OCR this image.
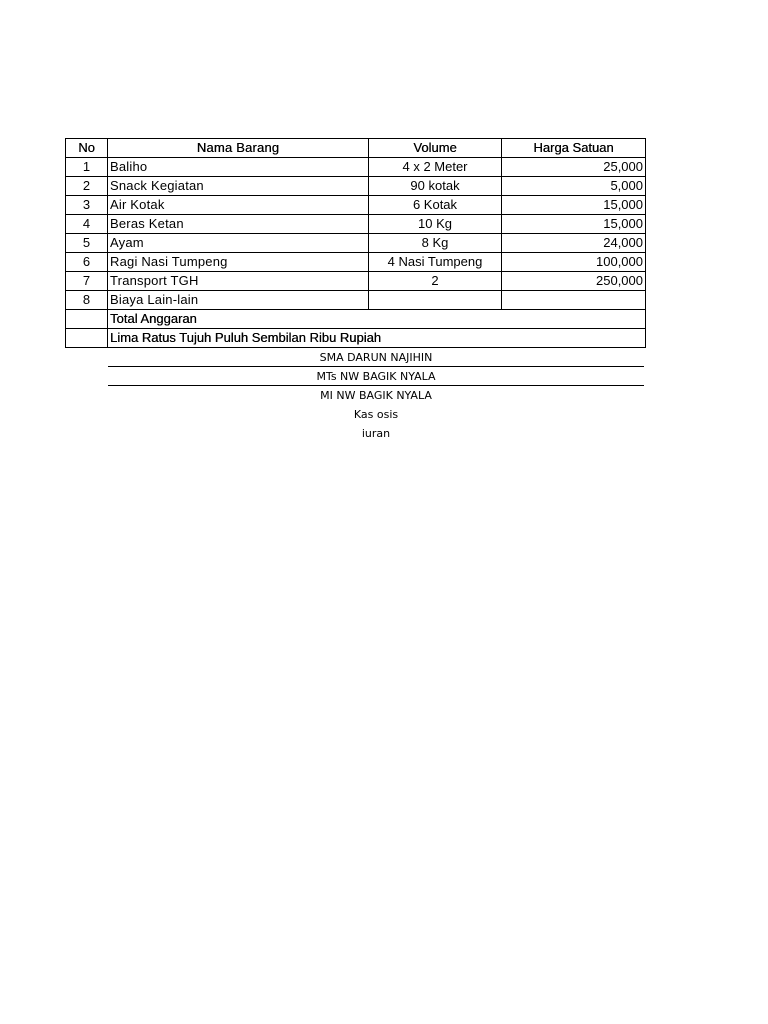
No	Nama Barang	Volume	Harga Satuan
1	Baliho	4 x 2 Meter	25,000
2	Snack Kegiatan	90 kotak	5,000
3	Air Kotak	6 Kotak	15,000
4	Beras Ketan	10 Kg	15,000
5	Ayam	8 Kg	24,000
6	Ragi Nasi Tumpeng	4 Nasi Tumpeng	100,000
7	Transport TGH	2	250,000
8	Biaya Lain-lain		
	Total Anggaran		
	Lima Ratus Tujuh Puluh Sembilan Ribu Rupiah		
SMA DARUN NAJIHIN
MTs NW BAGIK NYALA
MI NW BAGIK NYALA
Kas osis
iuran
